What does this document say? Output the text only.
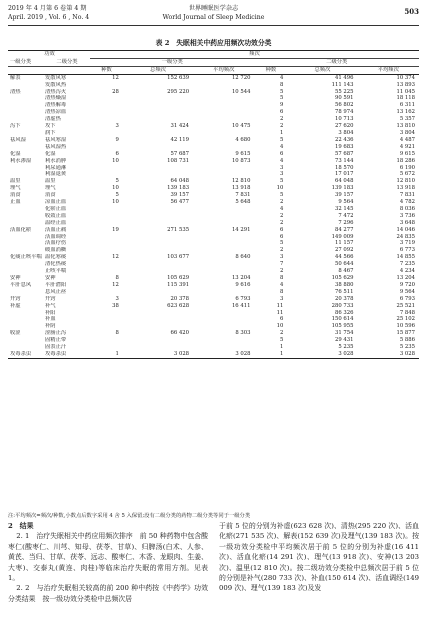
2019 年 4 月第 6 卷第 4 期
April. 2019 , Vol. 6 , No. 4
世界睡眠医学杂志
World Journal of Sleep Medicine
503
表 2　失眠相关中药应用频次功效分类
功效		频次					
一级分类	二级分类	一级分类			二级分类		
		种数	总频次	平均频次	种数	总频次	平均频次
解表	发散风寒	12	152 639	12 720	4	41 496	10 374
	发散风热				8	111 143	13 893
清热	清热泻火	28	295 220	10 544	5	55 225	11 045
	清热燥湿				5	90 591	18 118
	清热解毒				9	56 802	6 311
	清热凉血				6	78 974	13 162
	清虚热				2	10 713	5 357
泻下	攻下	3	31 424	10 475	2	27 620	13 810
	润下				1	3 804	3 804
祛风湿	祛风寒湿	9	42 119	4 680	5	22 436	4 487
	祛风湿热				4	19 683	4 921
化湿	化湿	6	57 687	9 615	6	57 687	9 615
利水渗湿	利水消肿	10	108 731	10 873	4	73 144	18 286
	利尿通淋				3	18 570	6 190
	利湿退黄				3	17 017	5 672
温里	温里	5	64 048	12 810	5	64 048	12 810
理气	理气	10	139 183	13 918	10	139 183	13 918
消食	消食	5	39 157	7 831	5	39 157	7 831
止血	凉血止血	10	56 477	5 648	2	9 564	4 782
	化瘀止血				4	32 145	8 036
	收敛止血				2	7 472	3 736
	温经止血				2	7 296	3 648
活血化瘀	活血止痛	19	271 535	14 291	6	84 277	14 046
	活血调经				6	149 009	24 835
	活血疗伤				5	11 157	3 719
	破血消癥				2	27 092	6 773
化痰止咳平喘	温化寒痰	12	103 677	8 640	3	44 566	14 855
	清化热痰				7	50 644	7 235
	止咳平喘				2	8 467	4 234
安神	安神	8	105 629	13 204	8	105 629	13 204
平肝息风	平肝潜阳	12	115 391	9 616	4	38 880	9 720
	息风止痉				8	76 511	9 564
开窍	开窍	3	20 378	6 793	3	20 378	6 793
补虚	补气	38	623 628	16 411	11	280 733	25 521
	补阳				11	86 326	7 848
	补血				6	150 614	25 102
	补阴				10	105 955	10 596
收涩	涩肠止泻	8	66 420	8 303	2	31 754	15 877
	固精止带				5	29 431	5 886
	固表止汗				1	5 235	5 235
攻毒杀虫	攻毒杀虫	1	3 028	3 028	1	3 028	3 028
注:平均频次=频次/种数,小数点后数字采用 4 舍 5 入保留;没有二级分类的药物二级分类等同于一级分类
2　结果

2. 1　治疗失眠相关中药应用频次排序　前 50 种药物中包含酸枣仁(酸枣仁、川芎、知母、茯苓、甘草)、归脾汤(白术、人参、黄芪、当归、甘草、茯苓、远志、酸枣仁、木香、龙眼肉、生姜、大枣)、交泰丸(黄连、肉桂)等临床治疗失眠的常用方剂。见表 1。

2. 2　与治疗失眠相关较高的前 200 种中药按《中药学》功效分类结果　按一级功效分类检中总频次居

于前 5 位的分别为补虚(623 628 次)、清热(295 220 次)、活血化瘀(271 535 次)、解表(152 639 次)及理气(139 183 次)。按一级功效分类检中平均频次居于前 5 位的分别为补虚(16 411 次)、活血化瘀(14 291 次)、理气(13 918 次)、安神(13 203 次)、温里(12 810 次)。按二级功效分类检中总频次居于前 5 位的分别是补气(280 733 次)、补血(150 614 次)、活血调经(149 009 次)、理气(139 183 次)及发
